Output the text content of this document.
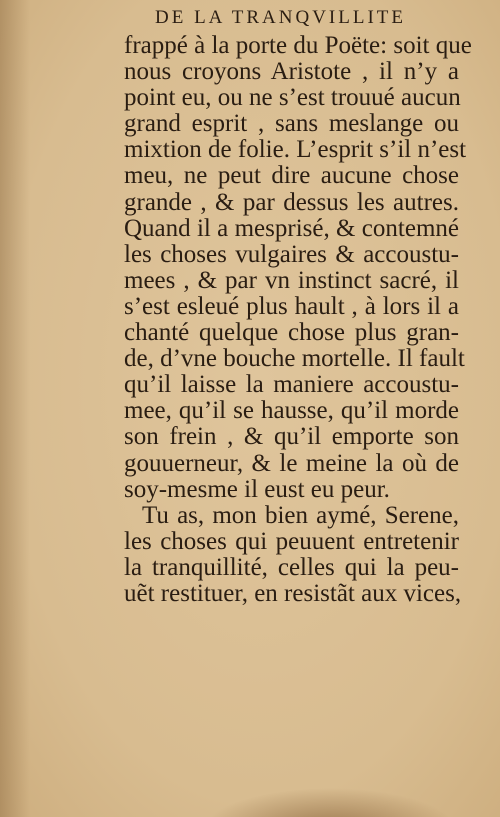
DE LA TRANQVILLITE
frappé à la porte du Poëte: soit que
nous croyons Aristote , il n’y a
point eu, ou ne s’est trouué aucun
grand esprit , sans meslange ou
mixtion de folie. L’esprit s’il n’est
meu, ne peut dire aucune chose
grande , & par dessus les autres.
Quand il a mesprisé, & contemné
les choses vulgaires & accoustu-
mees , & par vn instinct sacré, il
s’est esleué plus hault , à lors il a
chanté quelque chose plus gran-
de, d’vne bouche mortelle. Il fault
qu’il laisse la maniere accoustu-
mee, qu’il se hausse, qu’il morde
son frein , & qu’il emporte son
gouuerneur, & le meine la où de
soy-mesme il eust eu peur.
Tu as, mon bien aymé, Serene,
les choses qui peuuent entretenir
la tranquillité, celles qui la peu-
uẽt restituer, en resistãt aux vices,
